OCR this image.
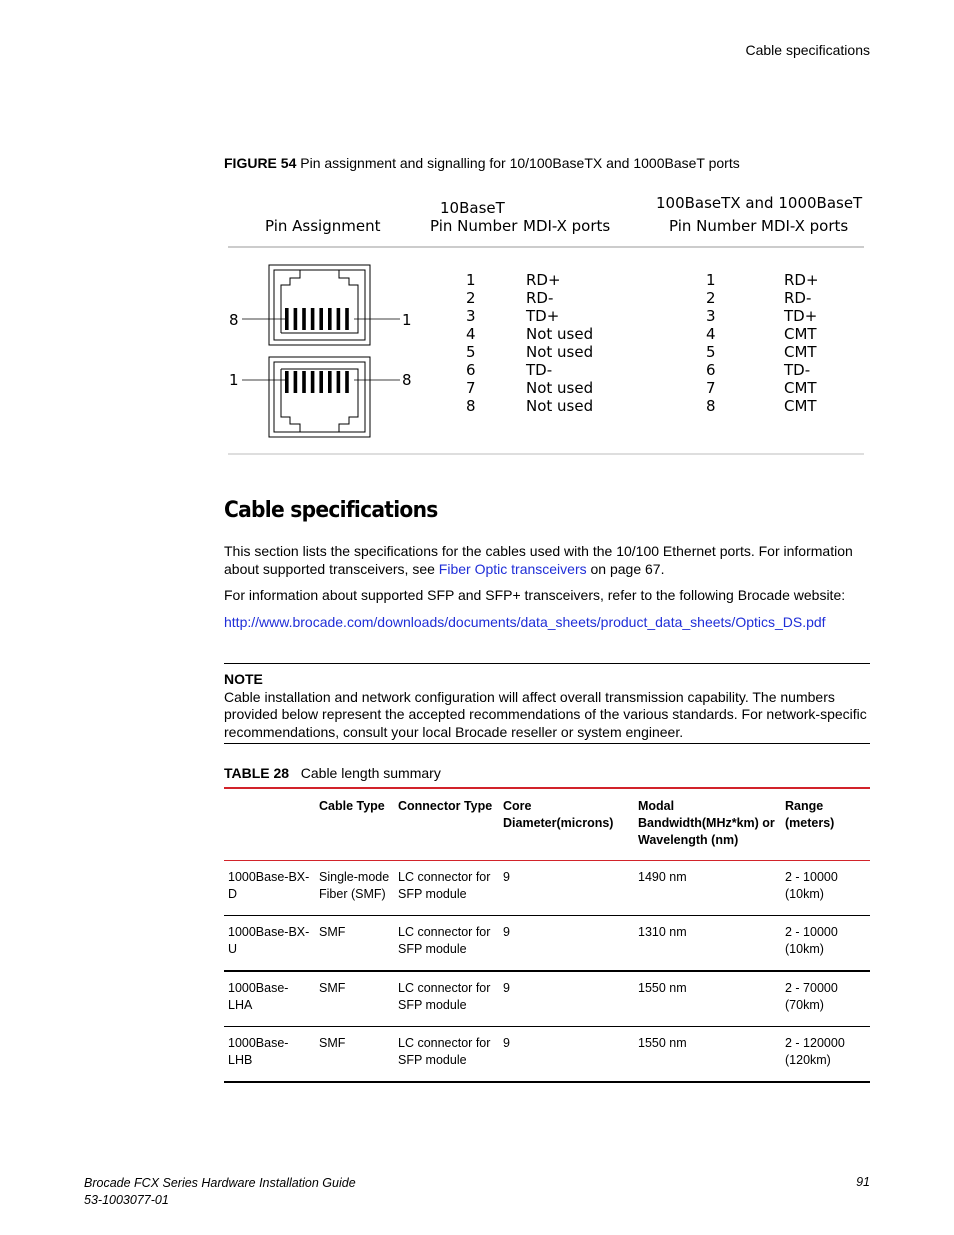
Cable specifications
FIGURE 54 Pin assignment and signalling for 10/100BaseTX and 1000BaseT ports
Pin Assignment
10BaseT
Pin Number MDI-X ports
100BaseTX and 1000BaseT
Pin Number MDI-X ports
8	1
1	8
1	RD+	1	RD+
2	RD-	2	RD-
3	TD+	3	TD+
4	Not used	4	CMT
5	Not used	5	CMT
6	TD-	6	TD-
7	Not used	7	CMT
8	Not used	8	CMT
Cable specifications
This section lists the specifications for the cables used with the 10/100 Ethernet ports. For information about supported transceivers, see Fiber Optic transceivers on page 67.
For information about supported SFP and SFP+ transceivers, refer to the following Brocade website:
http://www.brocade.com/downloads/documents/data_sheets/product_data_sheets/Optics_DS.pdf
NOTE
Cable installation and network configuration will affect overall transmission capability. The numbers provided below represent the accepted recommendations of the various standards. For network-specific recommendations, consult your local Brocade reseller or system engineer.
TABLE 28 Cable length summary
	Cable Type	Connector Type	Core Diameter(microns)	Modal Bandwidth(MHz*km) or Wavelength (nm)	Range (meters)
1000Base-BX-D	Single-mode Fiber (SMF)	LC connector for SFP module	9	1490 nm	2 - 10000 (10km)
1000Base-BX-U	SMF	LC connector for SFP module	9	1310 nm	2 - 10000 (10km)
1000Base-LHA	SMF	LC connector for SFP module	9	1550 nm	2 - 70000 (70km)
1000Base-LHB	SMF	LC connector for SFP module	9	1550 nm	2 - 120000 (120km)
Brocade FCX Series Hardware Installation Guide
53-1003077-01
91
